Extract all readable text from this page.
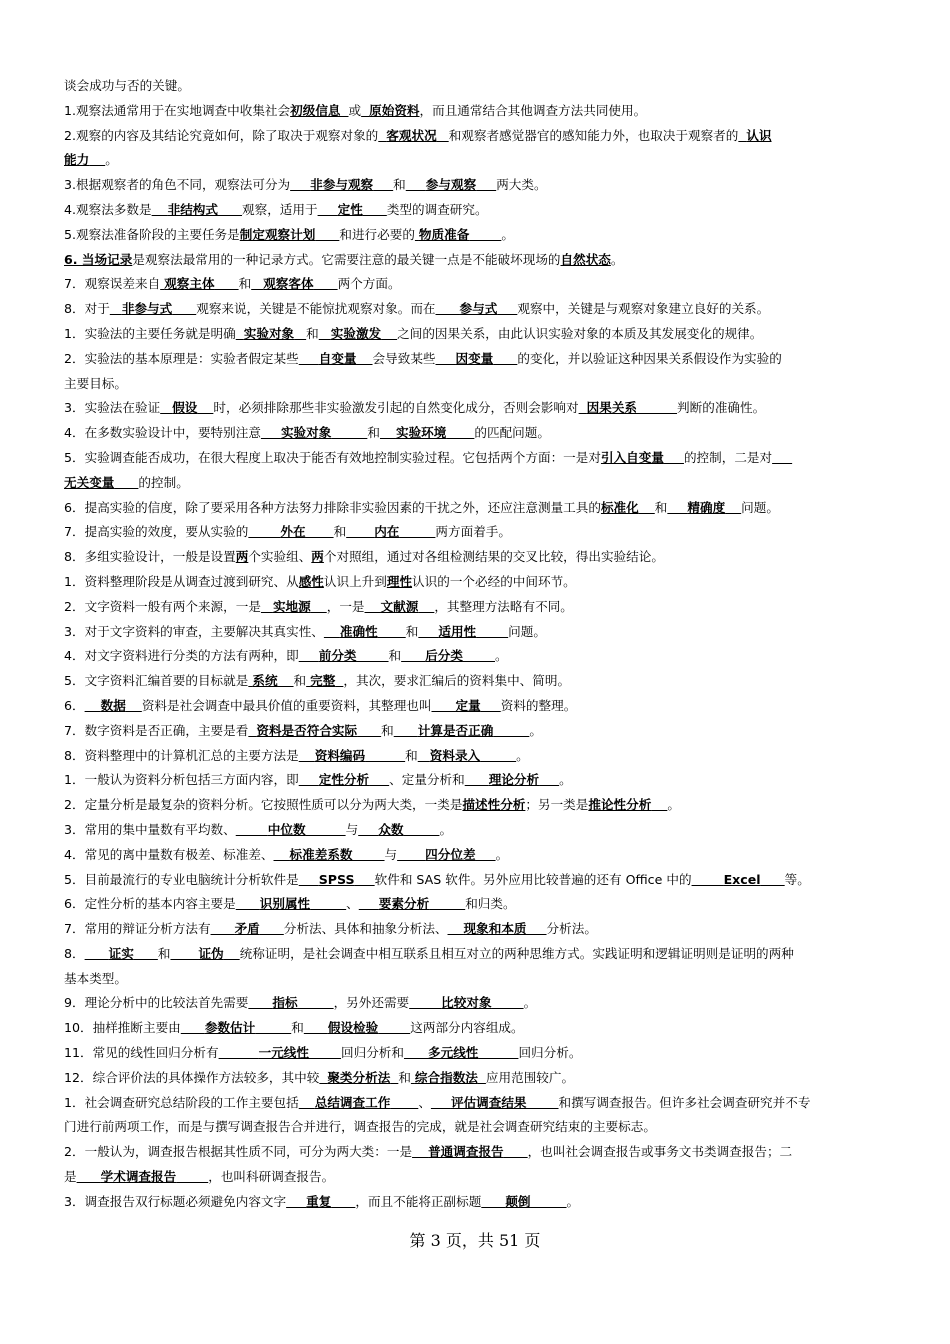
谈会成功与否的关键。
1.观察法通常用于在实地调查中收集社会初级信息 或 原始资料，而且通常结合其他调查方法共同使用。
2.观察的内容及其结论究竟如何，除了取决于观察对象的 客观状况 和观察者感觉器官的感知能力外，也取决于观察者的 认识
能力 。
3.根据观察者的角色不同，观察法可分为 非参与观察 和 参与观察 两大类。
4.观察法多数是 非结构式 观察，适用于 定性 类型的调查研究。
5.观察法准备阶段的主要任务是制定观察计划 和进行必要的 物质准备	。
6. 当场记录是观察法最常用的一种记录方式。它需要注意的最关键一点是不能破坏现场的自然状态。
7．观察误差来自 观察主体 和 观察客体 两个方面。
8．对于 非参与式 观察来说，关键是不能惊扰观察对象。而在 参与式 观察中，关键是与观察对象建立良好的关系。
1．实验法的主要任务就是明确 实验对象 和 实验激发 之间的因果关系，由此认识实验对象的本质及其发展变化的规律。
2．实验法的基本原理是：实验者假定某些 自变量 会导致某些 因变量 的变化，并以验证这种因果关系假设作为实验的
主要目标。
3．实验法在验证 假设 时，必须排除那些非实验激发引起的自然变化成分，否则会影响对 因果关系	判断的准确性。
4．在多数实验设计中，要特别注意 实验对象	和 实验环境 的匹配问题。
5．实验调查能否成功，在很大程度上取决于能否有效地控制实验过程。它包括两个方面：一是对引入自变量 的控制，二是对
无关变量 的控制。
6．提高实验的信度，除了要采用各种方法努力排除非实验因素的干扰之外，还应注意测量工具的标准化 和 精确度 问题。
7．提高实验的效度，要从实验的	外在 和 内在	两方面着手。
8．多组实验设计，一般是设置两个实验组、两个对照组，通过对各组检测结果的交叉比较，得出实验结论。
1．资料整理阶段是从调查过渡到研究、从感性认识上升到理性认识的一个必经的中间环节。
2．文字资料一般有两个来源，一是 实地源 ，一是 文献源 ，其整理方法略有不同。
3．对于文字资料的审查，主要解决其真实性、 准确性 和 适用性	问题。
4．对文字资料进行分类的方法有两种，即 前分类	和 后分类	。
5．文字资料汇编首要的目标就是 系统 和 完整 ，其次，要求汇编后的资料集中、简明。
6． 数据 资料是社会调查中最具价值的重要资料，其整理也叫 定量 资料的整理。
7．数字资料是否正确，主要是看 资料是否符合实际 和 计算是否正确	。
8．资料整理中的计算机汇总的主要方法是 资料编码	和 资料录入	。
1．一般认为资料分析包括三方面内容，即 定性分析 、定量分析和 理论分析 。
2．定量分析是最复杂的资料分析。它按照性质可以分为两大类，一类是描述性分析；另一类是推论性分析 。
3．常用的集中量数有平均数、	中位数	与 众数	。
4．常见的离中量数有极差、标准差、 标准差系数	与 四分位差 。
5．目前最流行的专业电脑统计分析软件是 SPSS 软件和 SAS 软件。另外应用比较普遍的还有 Office 中的	Excel 等。
6．定性分析的基本内容主要是 识别属性	、 要素分析	和归类。
7．常用的辩证分析方法有 矛盾 分析法、具体和抽象分析法、 现象和本质 分析法。
8． 证实 和 证伪 统称证明，是社会调查中相互联系且相互对立的两种思维方式。实践证明和逻辑证明则是证明的两种
基本类型。
9．理论分析中的比较法首先需要 指标	，另外还需要	比较对象	。
10．抽样推断主要由 参数估计	和 假设检验	这两部分内容组成。
11．常见的线性回归分析有	一元线性	回归分析和 多元线性	回归分析。
12．综合评价法的具体操作方法较多，其中较 聚类分析法 和 综合指数法 应用范围较广。
1．社会调查研究总结阶段的工作主要包括 总结调查工作 、 评估调查结果	和撰写调查报告。但许多社会调查研究并不专
门进行前两项工作，而是与撰写调查报告合并进行，调查报告的完成，就是社会调查研究结束的主要标志。
2．一般认为，调查报告根据其性质不同，可分为两大类：一是 普通调查报告 ，也叫社会调查报告或事务文书类调查报告；二
是 学术调查报告	，也叫科研调查报告。
3．调查报告双行标题必须避免内容文字 重复 ，而且不能将正副标题 颠倒	。
第 3 页，共 51 页
